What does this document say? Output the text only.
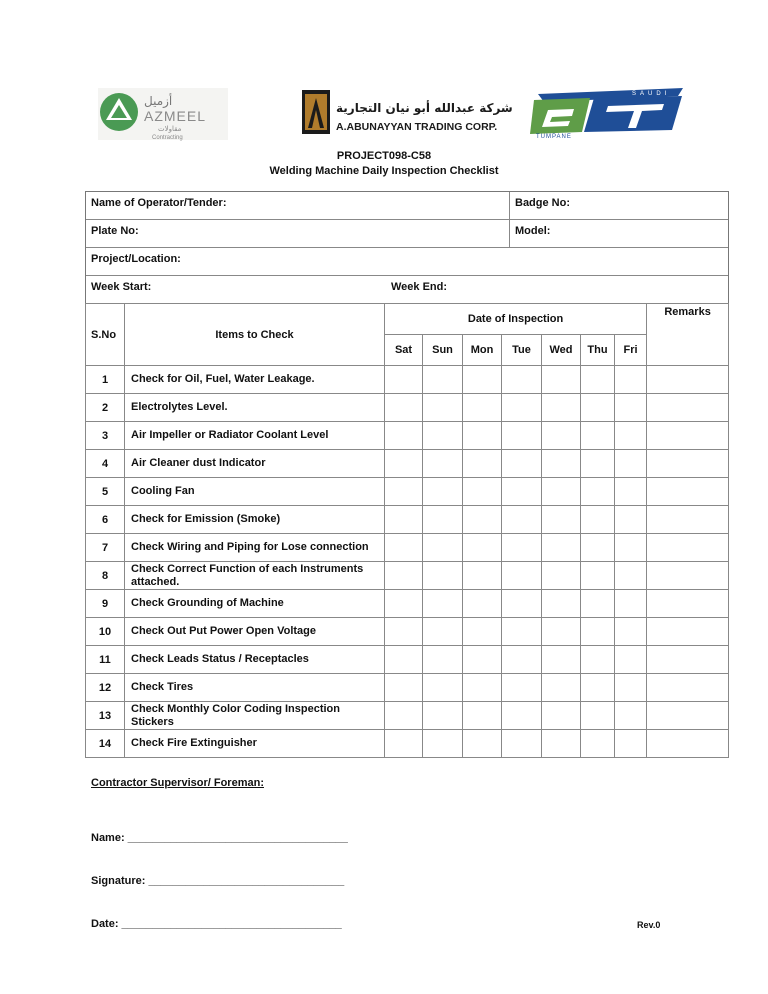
أزميل
AZMEEL
مقاولات
Contracting
شركة عبدالله أبو نيان التجارية
A.ABUNAYYAN TRADING CORP.
SAUDI
TUMPANE
PROJECT098-C58
Welding Machine Daily Inspection Checklist
Name of Operator/Tender:	Badge No:
Plate No:	Model:
Project/Location:
Week Start:	Week End:
S.No	Items to Check	Date of Inspection							Remarks
		Sat	Sun	Mon	Tue	Wed	Thu	Fri	
1	Check for Oil, Fuel, Water Leakage.								
2	Electrolytes Level.								
3	Air Impeller or Radiator Coolant Level								
4	Air Cleaner dust Indicator								
5	Cooling Fan								
6	Check for Emission (Smoke)								
7	Check Wiring and Piping for Lose connection								
8	Check Correct Function of each Instruments attached.								
9	Check Grounding of Machine								
10	Check Out Put Power Open Voltage								
11	Check Leads Status / Receptacles								
12	Check Tires								
13	Check Monthly Color Coding Inspection Stickers								
14	Check Fire Extinguisher								
Contractor Supervisor/ Foreman:
Name: ____________________________________
Signature: ________________________________
Date: ____________________________________	Rev.0
